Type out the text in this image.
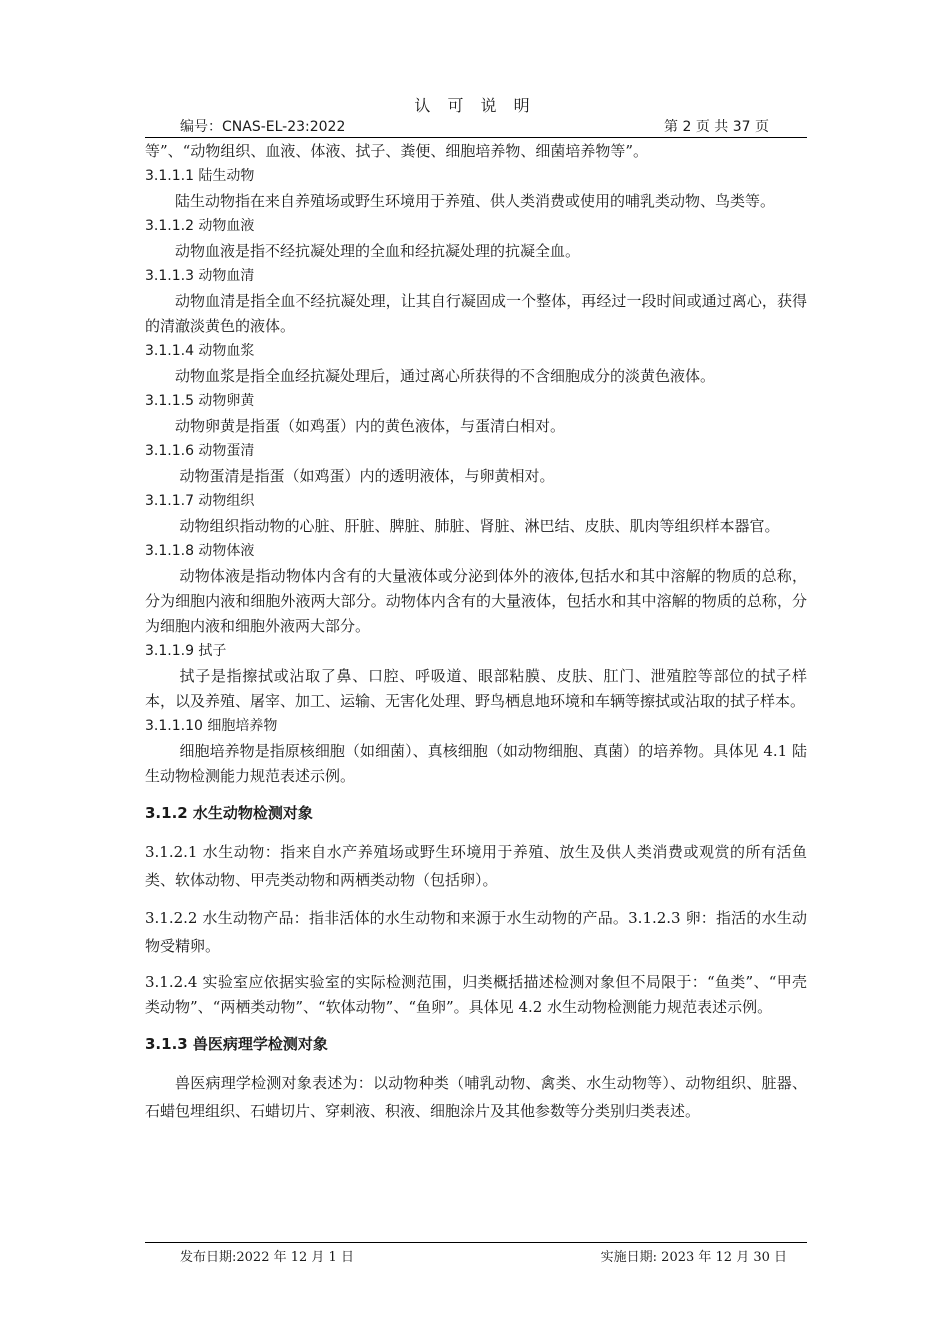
认 可 说 明
编号：CNAS-EL-23:2022	第 2 页 共 37 页

等”、“动物组织、血液、体液、拭子、粪便、细胞培养物、细菌培养物等”。

3.1.1.1 陆生动物

陆生动物指在来自养殖场或野生环境用于养殖、供人类消费或使用的哺乳类动物、鸟类等。

3.1.1.2 动物血液

动物血液是指不经抗凝处理的全血和经抗凝处理的抗凝全血。

3.1.1.3 动物血清

动物血清是指全血不经抗凝处理，让其自行凝固成一个整体，再经过一段时间或通过离心，获得的清澈淡黄色的液体。

3.1.1.4 动物血浆

动物血浆是指全血经抗凝处理后，通过离心所获得的不含细胞成分的淡黄色液体。

3.1.1.5 动物卵黄

动物卵黄是指蛋（如鸡蛋）内的黄色液体，与蛋清白相对。

3.1.1.6 动物蛋清

动物蛋清是指蛋（如鸡蛋）内的透明液体，与卵黄相对。

3.1.1.7 动物组织

动物组织指动物的心脏、肝脏、脾脏、肺脏、肾脏、淋巴结、皮肤、肌肉等组织样本器官。

3.1.1.8 动物体液

动物体液是指动物体内含有的大量液体或分泌到体外的液体,包括水和其中溶解的物质的总称，分为细胞内液和细胞外液两大部分。动物体内含有的大量液体，包括水和其中溶解的物质的总称，分为细胞内液和细胞外液两大部分。

3.1.1.9 拭子

拭子是指擦拭或沾取了鼻、口腔、呼吸道、眼部粘膜、皮肤、肛门、泄殖腔等部位的拭子样本，以及养殖、屠宰、加工、运输、无害化处理、野鸟栖息地环境和车辆等擦拭或沾取的拭子样本。

3.1.1.10 细胞培养物

细胞培养物是指原核细胞（如细菌）、真核细胞（如动物细胞、真菌）的培养物。具体见 4.1 陆生动物检测能力规范表述示例。

3.1.2 水生动物检测对象

3.1.2.1 水生动物：指来自水产养殖场或野生环境用于养殖、放生及供人类消费或观赏的所有活鱼类、软体动物、甲壳类动物和两栖类动物（包括卵）。

3.1.2.2 水生动物产品：指非活体的水生动物和来源于水生动物的产品。3.1.2.3 卵：指活的水生动物受精卵。

3.1.2.4 实验室应依据实验室的实际检测范围，归类概括描述检测对象但不局限于：“鱼类”、“甲壳类动物”、“两栖类动物”、“软体动物”、“鱼卵”。具体见 4.2 水生动物检测能力规范表述示例。

3.1.3 兽医病理学检测对象

兽医病理学检测对象表述为：以动物种类（哺乳动物、禽类、水生动物等）、动物组织、脏器、石蜡包埋组织、石蜡切片、穿刺液、积液、细胞涂片及其他参数等分类别归类表述。

发布日期:2022 年 12 月 1 日	实施日期: 2023 年 12 月 30 日
